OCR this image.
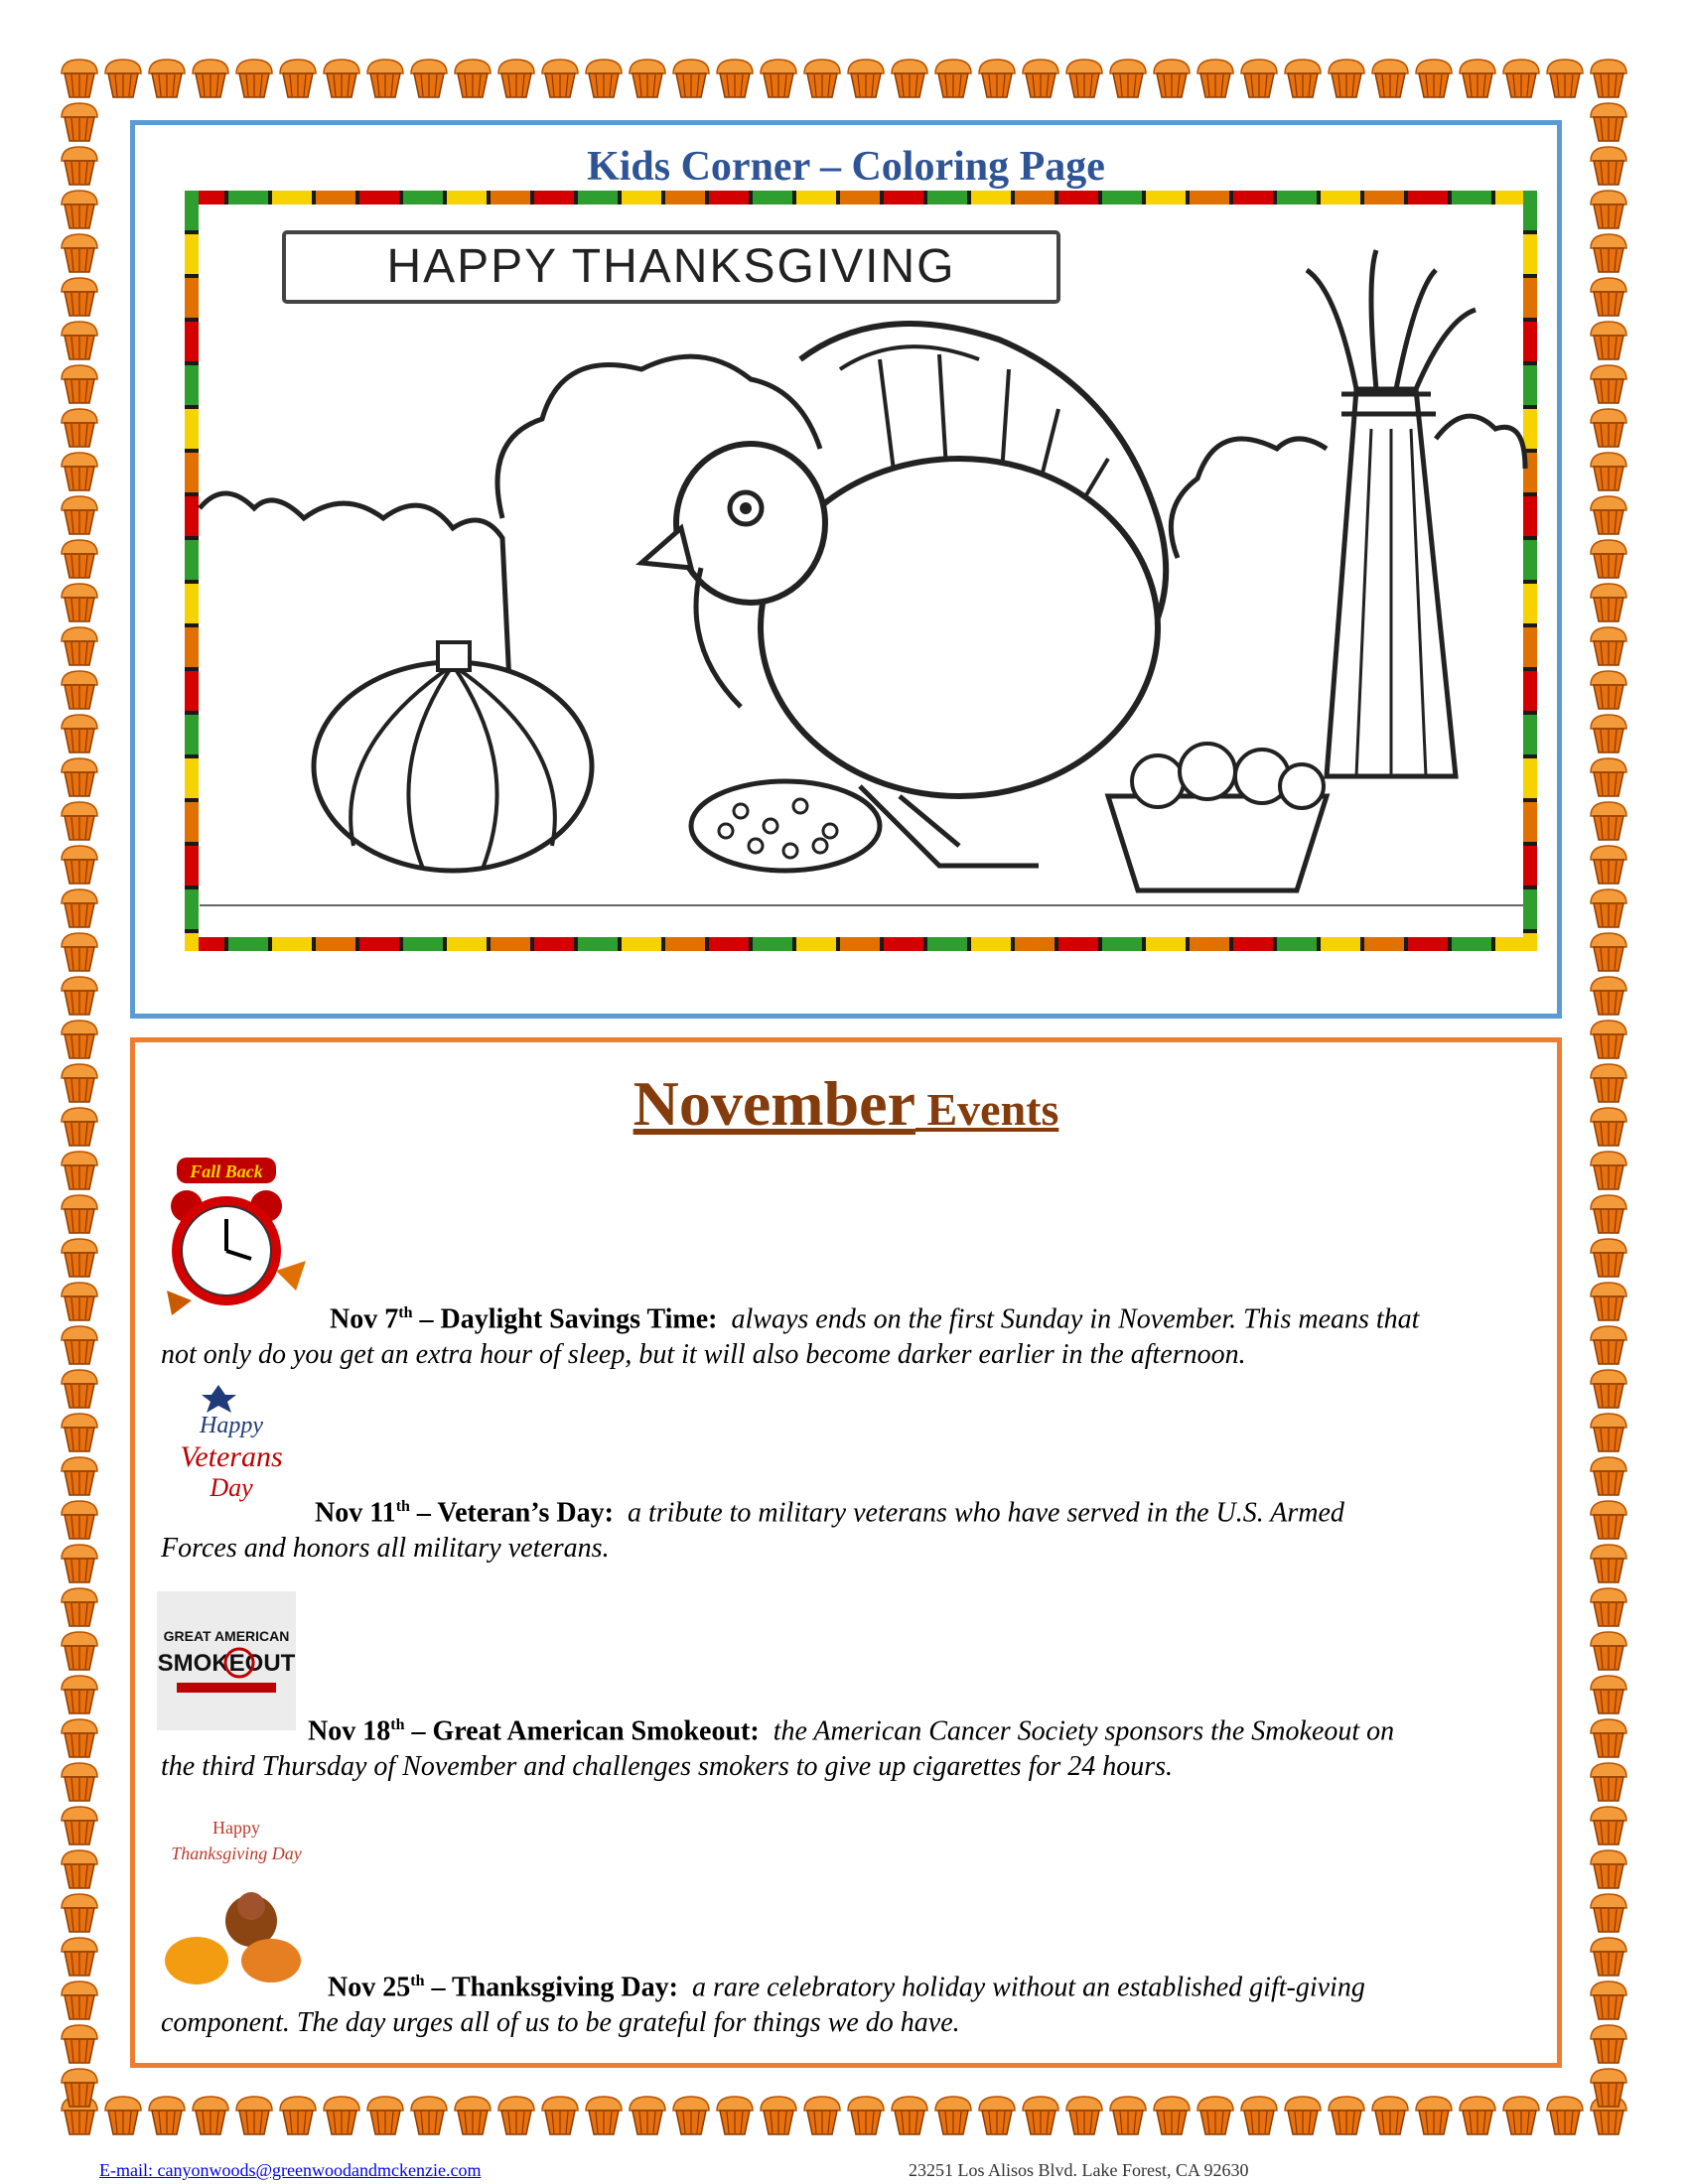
Kids Corner – Coloring Page
HAPPY THANKSGIVING
November Events
Fall Back
Nov 7th – Daylight Savings Time: always ends on the first Sunday in November. This means that
not only do you get an extra hour of sleep, but it will also become darker earlier in the afternoon.
Happy
Veterans
Day
Nov 11th – Veteran’s Day: a tribute to military veterans who have served in the U.S. Armed
Forces and honors all military veterans.
GREAT AMERICAN
SMOKEOUT
Nov 18th – Great American Smokeout: the American Cancer Society sponsors the Smokeout on
the third Thursday of November and challenges smokers to give up cigarettes for 24 hours.
Happy
Thanksgiving Day
Nov 25th – Thanksgiving Day: a rare celebratory holiday without an established gift-giving
component. The day urges all of us to be grateful for things we do have.
E-mail: canyonwoods@greenwoodandmckenzie.com	23251 Los Alisos Blvd. Lake Forest, CA 92630
